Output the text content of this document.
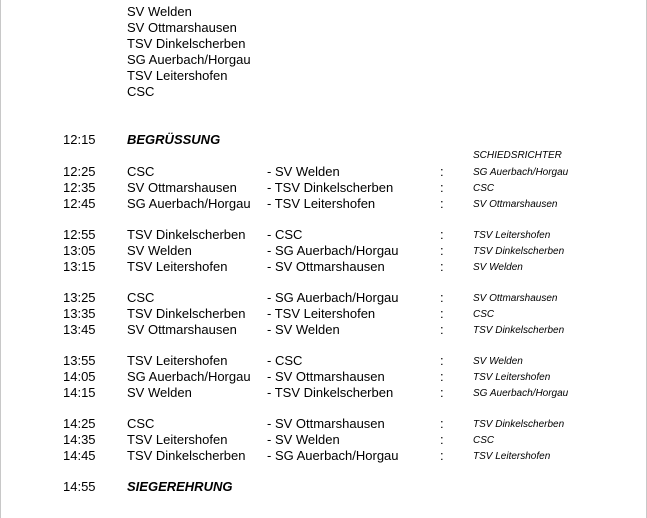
SV Welden
SV Ottmarshausen
TSV Dinkelscherben
SG Auerbach/Horgau
TSV Leitershofen
CSC
12:15 BEGRÜSSUNG
SCHIEDSRICHTER
12:25 CSC	- SV Welden	:	SG Auerbach/Horgau
12:35 SV Ottmarshausen - TSV Dinkelscherben	:	CSC
12:45 SG Auerbach/Horgau - TSV Leitershofen	:	SV Ottmarshausen
12:55 TSV Dinkelscherben - CSC	:	TSV Leitershofen
13:05 SV Welden	- SG Auerbach/Horgau	:	TSV Dinkelscherben
13:15 TSV Leitershofen	- SV Ottmarshausen	:	SV Welden
13:25 CSC	- SG Auerbach/Horgau	:	SV Ottmarshausen
13:35 TSV Dinkelscherben - TSV Leitershofen	:	CSC
13:45 SV Ottmarshausen - SV Welden	:	TSV Dinkelscherben
13:55 TSV Leitershofen	- CSC	:	SV Welden
14:05 SG Auerbach/Horgau - SV Ottmarshausen	:	TSV Leitershofen
14:15 SV Welden	- TSV Dinkelscherben	:	SG Auerbach/Horgau
14:25 CSC	- SV Ottmarshausen	:	TSV Dinkelscherben
14:35 TSV Leitershofen	- SV Welden	:	CSC
14:45 TSV Dinkelscherben - SG Auerbach/Horgau	:	TSV Leitershofen
14:55 SIEGEREHRUNG
